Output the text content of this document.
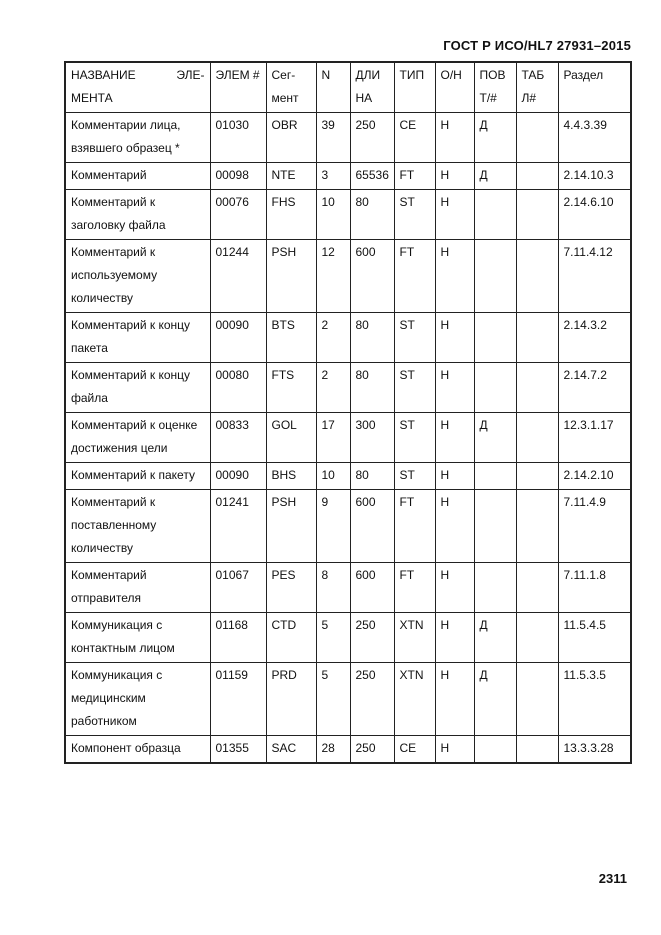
ГОСТ Р ИСО/HL7 27931–2015
НАЗВАНИЕ ЭЛЕ-МЕНТА	ЭЛЕМ #	Сег-мент	N	ДЛИ НА	ТИП	О/Н	ПОВ Т/#	ТАБ Л#	Раздел
Комментарии лица, взявшего образец *	01030	OBR	39	250	CE	Н	Д		4.4.3.39
Комментарий	00098	NTE	3	65536	FT	Н	Д		2.14.10.3
Комментарий к заголовку файла	00076	FHS	10	80	ST	Н			2.14.6.10
Комментарий к используемому количеству	01244	PSH	12	600	FT	Н			7.11.4.12
Комментарий к концу пакета	00090	BTS	2	80	ST	Н			2.14.3.2
Комментарий к концу файла	00080	FTS	2	80	ST	Н			2.14.7.2
Комментарий к оценке достижения цели	00833	GOL	17	300	ST	Н	Д		12.3.1.17
Комментарий к пакету	00090	BHS	10	80	ST	Н			2.14.2.10
Комментарий к поставленному количеству	01241	PSH	9	600	FT	Н			7.11.4.9
Комментарий отправителя	01067	PES	8	600	FT	Н			7.11.1.8
Коммуникация с контактным лицом	01168	CTD	5	250	XTN	Н	Д		11.5.4.5
Коммуникация с медицинским работником	01159	PRD	5	250	XTN	Н	Д		11.5.3.5
Компонент образца	01355	SAC	28	250	CE	Н			13.3.3.28
2311
